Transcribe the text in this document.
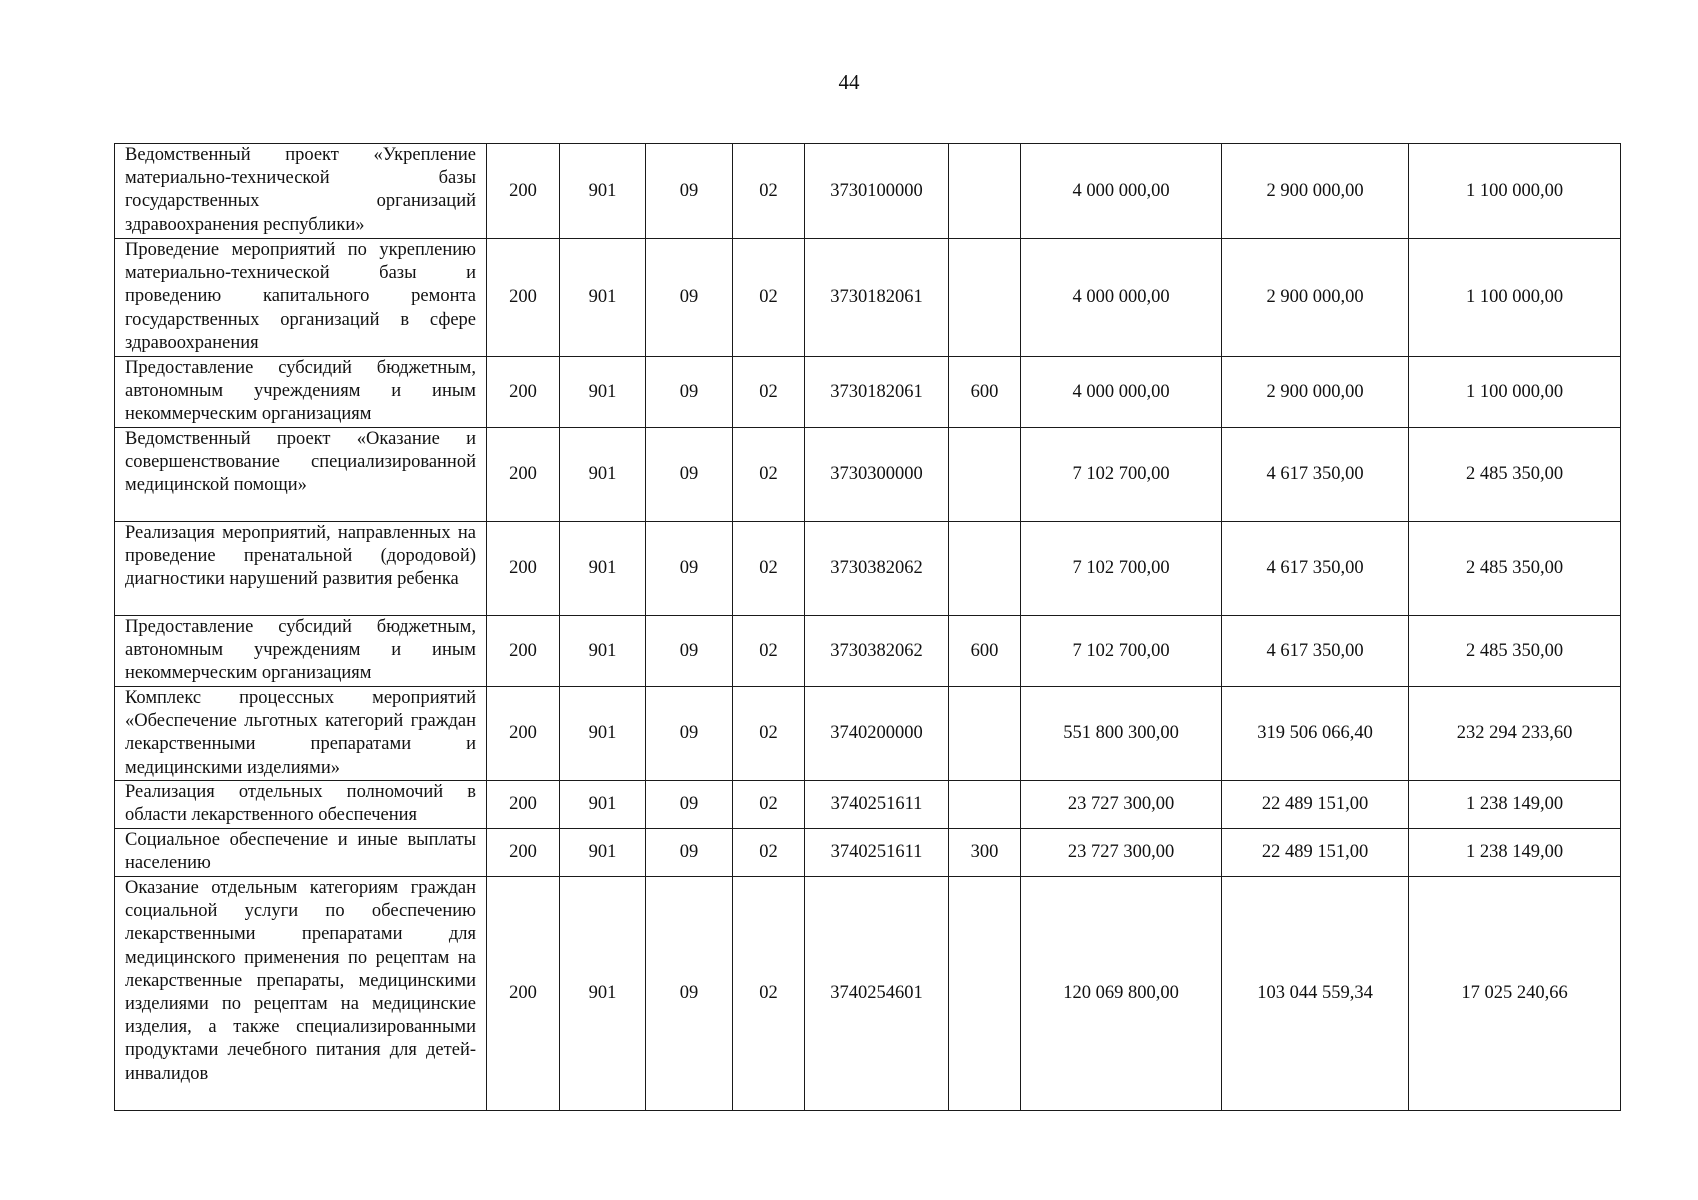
44
Ведомственный проект «Укрепление материально-технической базы государственных организаций здравоохранения республики»	200	901	09	02	3730100000		4 000 000,00	2 900 000,00	1 100 000,00
Проведение мероприятий по укреплению материально-технической базы и проведению капитального ремонта государственных организаций в сфере здравоохранения	200	901	09	02	3730182061		4 000 000,00	2 900 000,00	1 100 000,00
Предоставление субсидий бюджетным, автономным учреждениям и иным некоммерческим организациям	200	901	09	02	3730182061	600	4 000 000,00	2 900 000,00	1 100 000,00
Ведомственный проект «Оказание и совершенствование специализированной медицинской помощи»	200	901	09	02	3730300000		7 102 700,00	4 617 350,00	2 485 350,00
Реализация мероприятий, направленных на проведение пренатальной (дородовой) диагностики нарушений развития ребенка	200	901	09	02	3730382062		7 102 700,00	4 617 350,00	2 485 350,00
Предоставление субсидий бюджетным, автономным учреждениям и иным некоммерческим организациям	200	901	09	02	3730382062	600	7 102 700,00	4 617 350,00	2 485 350,00
Комплекс процессных мероприятий «Обеспечение льготных категорий граждан лекарственными препаратами и медицинскими изделиями»	200	901	09	02	3740200000		551 800 300,00	319 506 066,40	232 294 233,60
Реализация отдельных полномочий в области лекарственного обеспечения	200	901	09	02	3740251611		23 727 300,00	22 489 151,00	1 238 149,00
Социальное обеспечение и иные выплаты населению	200	901	09	02	3740251611	300	23 727 300,00	22 489 151,00	1 238 149,00
Оказание отдельным категориям граждан социальной услуги по обеспечению лекарственными препаратами для медицинского применения по рецептам на лекарственные препараты, медицинскими изделиями по рецептам на медицинские изделия, а также специализированными продуктами лечебного питания для детей-инвалидов	200	901	09	02	3740254601		120 069 800,00	103 044 559,34	17 025 240,66
